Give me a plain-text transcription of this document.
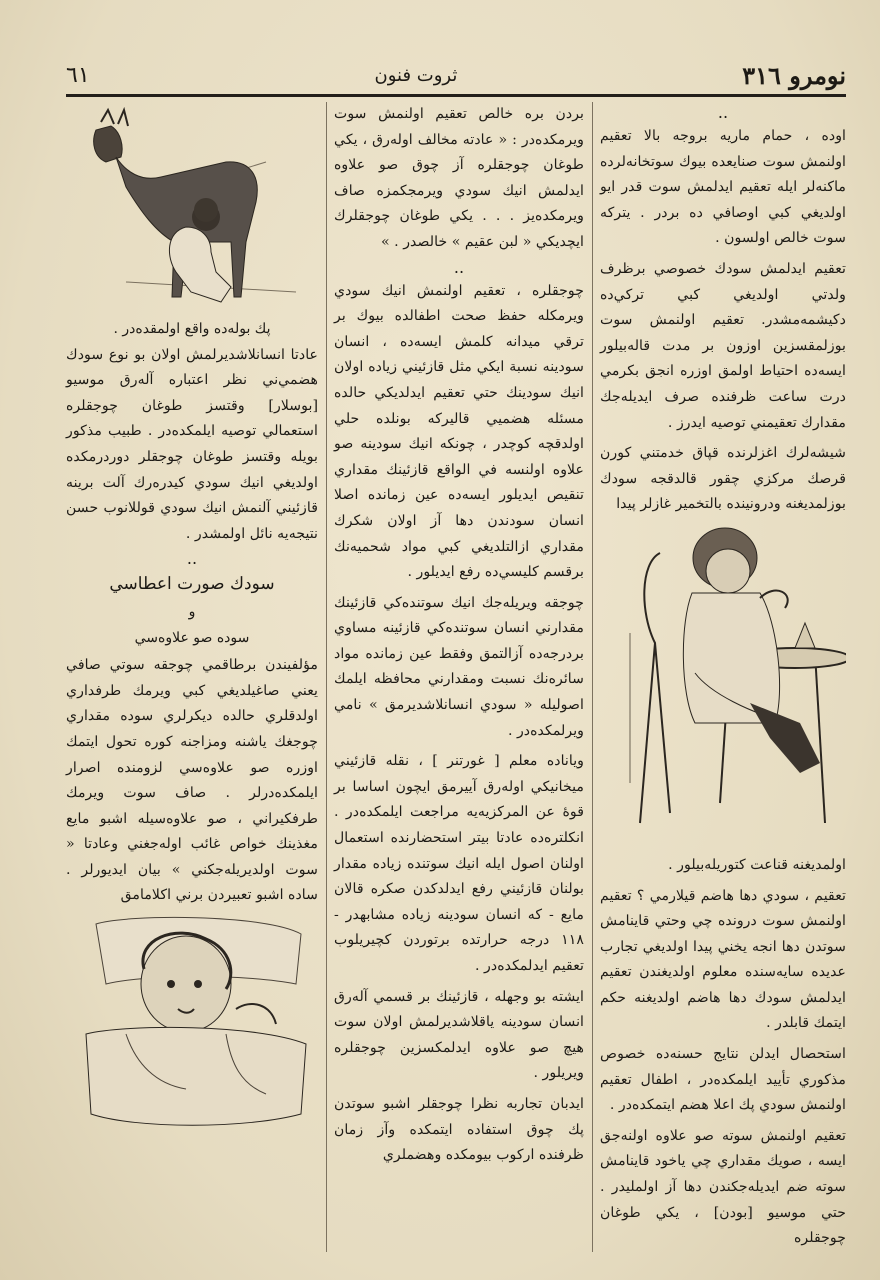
نومرو ٣١٦
ثروت فنون
٦١
..

اوده ، حمام ماريه بروجه بالا تعقيم اولنمش سوت صنايعده بيوك سوتخانه‌لرده ماكنه‌لر ايله تعقيم ايدلمش سوت قدر ايو اولديغي كبي اوصافي ده بردر . يتركه سوت خالص اولسون .

تعقيم ايدلمش سودك خصوصي برظرف ولدتي اولديغي كبي تركي‌ده دكيشمه‌مشدر. تعقيم اولنمش سوت بوزلمقسزين اوزون بر مدت قاله‌بيلور ايسه‌ده احتياط اولمق اوزره انجق بكرمي درت ساعت ظرفنده صرف ايديله‌جك مقدارك تعقيمني توصيه ايدرز .

شيشه‌لرك اغزلرنده قپاق خدمتني كورن قرصك مركزي چقور قالدقجه سودك بوزلمديغنه ودرونينده بالتخمير غازلر پيدا

اولمديغنه قناعت كتوريله‌بيلور .

تعقيم ، سودي دها هاضم قيلارمي ؟ تعقيم اولنمش سوت درونده چي وحتي قاينامش سوتدن دها انجه يخني پيدا اولديغي تجارب عديده سايه‌سنده معلوم اولديغندن تعقيم ايدلمش سودك دها هاضم اولديغنه حكم ايتمك قابلدر .

استحصال ايدلن نتايج حسنه‌ده خصوص مذكوري تأييد ايلمكده‌در ، اطفال تعقيم اولنمش سودي پك اعلا هضم ايتمكده‌در .

تعقيم اولنمش سوته صو علاوه اولنه‌جق ايسه ، صويك مقداري چي ياخود قاينامش سوته ضم ايديله‌جكندن دها آز اولمليدر . حتي موسيو [بودن] ، يكي طوغان چوجقلره

بردن بره خالص تعقيم اولنمش سوت ويرمكده‌در : « عادته مخالف اولەرق ، يكي طوغان چوجقلره آز چوق صو علاوه ايدلمش انيك سودي ويرمجكمزه صاف ويرمكده‌يز . . . يكي طوغان چوجقلرك ايچديكي « لبن عقيم » خالصدر . »

..

چوجقلره ، تعقيم اولنمش انيك سودي ويرمكله حفظ صحت اطفالده بيوك بر ترقي ميدانه كلمش ايسه‌ده ، انسان سودينه نسبة ايكي مثل قازئيني زياده اولان انيك سودينك حتي تعقيم ايدلديكي حالده مسئله هضميي قاليركه بونلده حلي اولدقچه كوچدر ، چونكه انيك سودينه صو علاوه اولنسه في الواقع قازئينك مقداري تنقيص ايديلور ايسه‌ده عين زمانده اصلا انسان سودندن دها آز اولان شكرك مقداري ازالتلديغي كبي مواد شحميه‌نك برقسم كليسي‌ده رفع ايديلور .

چوجقه ويريله‌جك انيك سوتنده‌كي قازئينك مقدارني انسان سوتنده‌كي قازئينه مساوي بردرجه‌ده آزالتمق وفقط عين زمانده مواد سائره‌نك نسبت ومقدارني محافظه ايلمك اصوليله « سودي انسانلاشديرمق » نامي ويرلمكده‌در .

وياناده معلم [ غورتنر ] ، نقله قازئيني ميخانيكي اوله‌رق آييرمق ايچون اساسا بر قوۀ عن المركزيه‌يه مراجعت ايلمكده‌در . انكلتره‌ده عادتا بيتر استحضارنده استعمال اولنان اصول ايله انيك سوتنده زياده مقدار بولنان قازئيني رفع ايدلدكدن صكره قالان مايع - كه انسان سودينه زياده مشابهدر - ١١٨ درجه حرارتده برتوردن كچيريلوب تعقيم ايدلمكده‌در .

ايشته بو وجهله ، قازئينك بر قسمي آله‌رق انسان سودينه ياقلاشديرلمش اولان سوت هيچ صو علاوه ايدلمكسزين چوجقلره ويريلور .

ايدبان تجاربه نظرا چوجقلر اشبو سوتدن پك چوق استفاده ايتمكده وآز زمان ظرفنده اركوب بيومكده وهضملري

پك بوله‌ده واقع اولمقده‌در .

عادتا انسانلاشديرلمش اولان بو نوع سودك هضمي‌ني نظر اعتباره آله‌رق موسيو [بوسلار] وقتسز طوغان چوجقلره استعمالي توصيه ايلمكده‌در . طبيب مذكور بويله وقتسز طوغان چوجقلر دوردرمكده اولديغي انيك سودي كيدرەرك آلت برينه قازئيني آلنمش انيك سودي قوللانوب حسن نتيجه‌يه نائل اولمشدر .

..
سودك صورت اعطاسي
و
سوده صو علاوه‌سي

مؤلفيندن برطاقمي چوجقه سوتي صافي يعني صاغيلديغي كبي ويرمك طرفداري اولدقلري حالده ديكرلري سوده مقداري چوجغك ياشنه ومزاجنه كوره تحول ايتمك اوزره صو علاوه‌سي لزومنده اصرار ايلمكده‌درلر . صاف سوت ويرمك طرفكيراني ، صو علاوه‌سيله اشبو مايع مغذينك خواص غائب اوله‌جغني وعادتا « سوت اولديريله‌جكني » بيان ايديورلر . ساده اشبو تعبيردن برني اكلامامق
